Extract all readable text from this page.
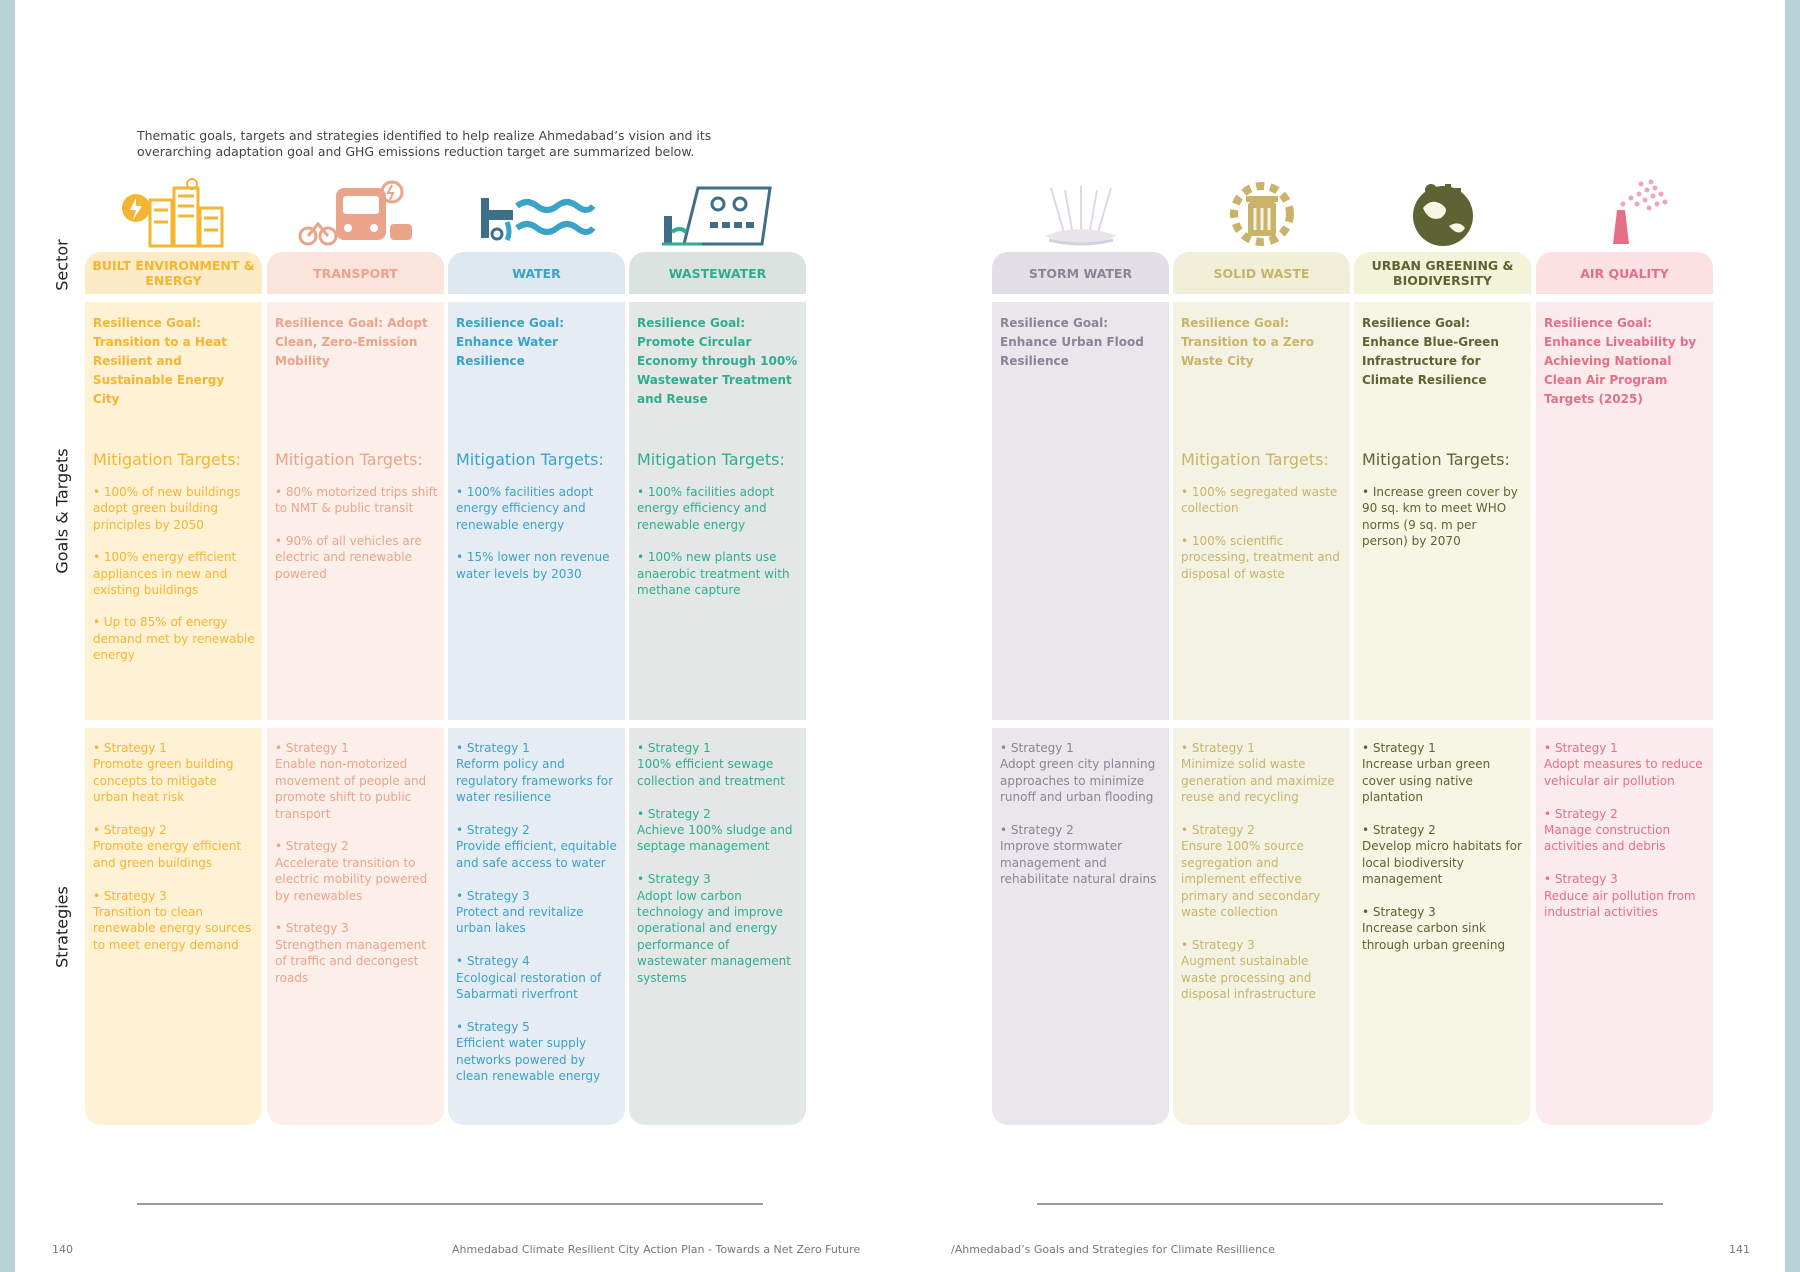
Thematic goals, targets and strategies identified to help realize Ahmedabad’s vision and its overarching adaptation goal and GHG emissions reduction target are summarized below.
Sector
Goals & Targets
Strategies
BUILT ENVIRONMENT & ENERGY
Resilience Goal: Transition to a Heat Resilient and Sustainable Energy City
Mitigation Targets:
• 100% of new buildings adopt green building principles by 2050
• 100% energy efficient appliances in new and existing buildings
• Up to 85% of energy demand met by renewable energy
• Strategy 1
Promote green building concepts to mitigate urban heat risk
• Strategy 2
Promote energy efficient and green buildings
• Strategy 3
Transition to clean renewable energy sources to meet energy demand
TRANSPORT
Resilience Goal: Adopt Clean, Zero-Emission Mobility
Mitigation Targets:
• 80% motorized trips shift to NMT & public transit
• 90% of all vehicles are electric and renewable powered
• Strategy 1
Enable non-motorized movement of people and promote shift to public transport
• Strategy 2
Accelerate transition to electric mobility powered by renewables
• Strategy 3
Strengthen management of traffic and decongest roads
WATER
Resilience Goal: Enhance Water Resilience
Mitigation Targets:
• 100% facilities adopt energy efficiency and renewable energy
• 15% lower non revenue water levels by 2030
• Strategy 1
Reform policy and regulatory frameworks for water resilience
• Strategy 2
Provide efficient, equitable and safe access to water
• Strategy 3
Protect and revitalize urban lakes
• Strategy 4
Ecological restoration of Sabarmati riverfront
• Strategy 5
Efficient water supply networks powered by clean renewable energy
WASTEWATER
Resilience Goal: Promote Circular Economy through 100% Wastewater Treatment and Reuse
Mitigation Targets:
• 100% facilities adopt energy efficiency and renewable energy
• 100% new plants use anaerobic treatment with methane capture
• Strategy 1
100% efficient sewage collection and treatment
• Strategy 2
Achieve 100% sludge and septage management
• Strategy 3
Adopt low carbon technology and improve operational and energy performance of wastewater management systems
STORM WATER
Resilience Goal: Enhance Urban Flood Resilience
• Strategy 1
Adopt green city planning approaches to minimize runoff and urban flooding
• Strategy 2
Improve stormwater management and rehabilitate natural drains
SOLID WASTE
Resilience Goal: Transition to a Zero Waste City
Mitigation Targets:
• 100% segregated waste collection
• 100% scientific processing, treatment and disposal of waste
• Strategy 1
Minimize solid waste generation and maximize reuse and recycling
• Strategy 2
Ensure 100% source segregation and implement effective primary and secondary waste collection
• Strategy 3
Augment sustainable waste processing and disposal infrastructure
URBAN GREENING & BIODIVERSITY
Resilience Goal: Enhance Blue-Green Infrastructure for Climate Resilience
Mitigation Targets:
• Increase green cover by 90 sq. km to meet WHO norms (9 sq. m per person) by 2070
• Strategy 1
Increase urban green cover using native plantation
• Strategy 2
Develop micro habitats for local biodiversity management
• Strategy 3
Increase carbon sink through urban greening
AIR QUALITY
Resilience Goal: Enhance Liveability by Achieving National Clean Air Program Targets (2025)
• Strategy 1
Adopt measures to reduce vehicular air pollution
• Strategy 2
Manage construction activities and debris
• Strategy 3
Reduce air pollution from industrial activities
140	Ahmedabad Climate Resilient City Action Plan - Towards a Net Zero Future	/Ahmedabad’s Goals and Strategies for Climate Resillience	141
